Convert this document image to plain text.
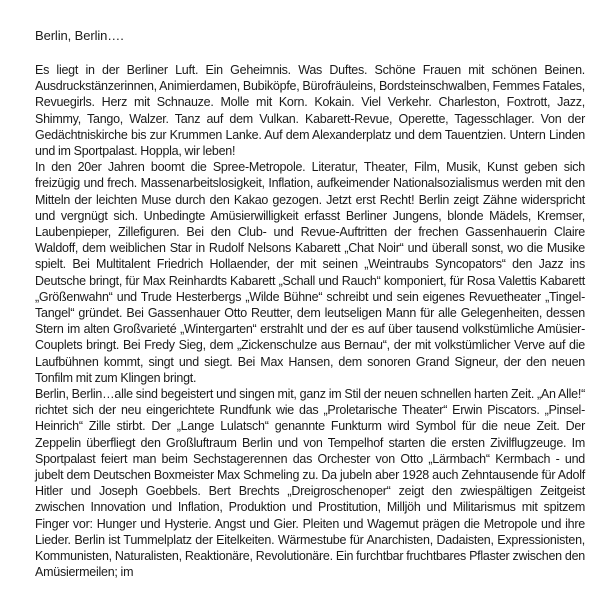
Berlin, Berlin….

Es liegt in der Berliner Luft. Ein Geheimnis. Was Duftes. Schöne Frauen mit schönen Beinen. Ausdruckstänzerinnen, Animierdamen, Bubiköpfe, Bürofräuleins, Bordsteinschwalben, Femmes Fatales, Revuegirls. Herz mit Schnauze. Molle mit Korn. Kokain. Viel Verkehr. Charleston, Foxtrott, Jazz, Shimmy, Tango, Walzer. Tanz auf dem Vulkan. Kabarett-Revue, Operette, Tagesschlager. Von der Gedächtniskirche bis zur Krummen Lanke. Auf dem Alexanderplatz und dem Tauentzien. Untern Linden und im Sportpalast. Hoppla, wir leben!

In den 20er Jahren boomt die Spree-Metropole. Literatur, Theater, Film, Musik, Kunst geben sich freizügig und frech. Massenarbeitslosigkeit, Inflation, aufkeimender Nationalsozialismus werden mit den Mitteln der leichten Muse durch den Kakao gezogen. Jetzt erst Recht! Berlin zeigt Zähne widerspricht und vergnügt sich. Unbedingte Amüsierwilligkeit erfasst Berliner Jungens, blonde Mädels, Kremser, Laubenpieper, Zillefiguren. Bei den Club- und Revue-Auftritten der frechen Gassenhauerin Claire Waldoff, dem weiblichen Star in Rudolf Nelsons Kabarett „Chat Noir“ und überall sonst, wo die Musike spielt. Bei Multitalent Friedrich Hollaender, der mit seinen „Weintraubs Syncopators“ den Jazz ins Deutsche bringt, für Max Reinhardts Kabarett „Schall und Rauch“ komponiert, für Rosa Valettis Kabarett „Größenwahn“ und Trude Hesterbergs „Wilde Bühne“ schreibt und sein eigenes Revuetheater „Tingel-Tangel“ gründet. Bei Gassenhauer Otto Reutter, dem leutseligen Mann für alle Gelegenheiten, dessen Stern im alten Großvarieté „Wintergarten“ erstrahlt und der es auf über tausend volkstümliche Amüsier-Couplets bringt. Bei Fredy Sieg, dem „Zickenschulze aus Bernau“, der mit volkstümlicher Verve auf die Laufbühnen kommt, singt und siegt. Bei Max Hansen, dem sonoren Grand Signeur, der den neuen Tonfilm mit zum Klingen bringt.

Berlin, Berlin…alle sind begeistert und singen mit, ganz im Stil der neuen schnellen harten Zeit. „An Alle!“ richtet sich der neu eingerichtete Rundfunk wie das „Proletarische Theater“ Erwin Piscators. „Pinsel-Heinrich“ Zille stirbt. Der „Lange Lulatsch“ genannte Funkturm wird Symbol für die neue Zeit. Der Zeppelin überfliegt den Großluftraum Berlin und von Tempelhof starten die ersten Zivilflugzeuge. Im Sportpalast feiert man beim Sechstagerennen das Orchester von Otto „Lärmbach“ Kermbach - und jubelt dem Deutschen Boxmeister Max Schmeling zu. Da jubeln aber 1928 auch Zehntausende für Adolf Hitler und Joseph Goebbels. Bert Brechts „Dreigroschenoper“ zeigt den zwiespältigen Zeitgeist zwischen Innovation und Inflation, Produktion und Prostitution, Milljöh und Militarismus mit spitzem Finger vor: Hunger und Hysterie. Angst und Gier. Pleiten und Wagemut prägen die Metropole und ihre Lieder. Berlin ist Tummelplatz der Eitelkeiten. Wärmestube für Anarchisten, Dadaisten, Expressionisten, Kommunisten, Naturalisten, Reaktionäre, Revolutionäre. Ein furchtbar fruchtbares Pflaster zwischen den Amüsiermeilen; im
